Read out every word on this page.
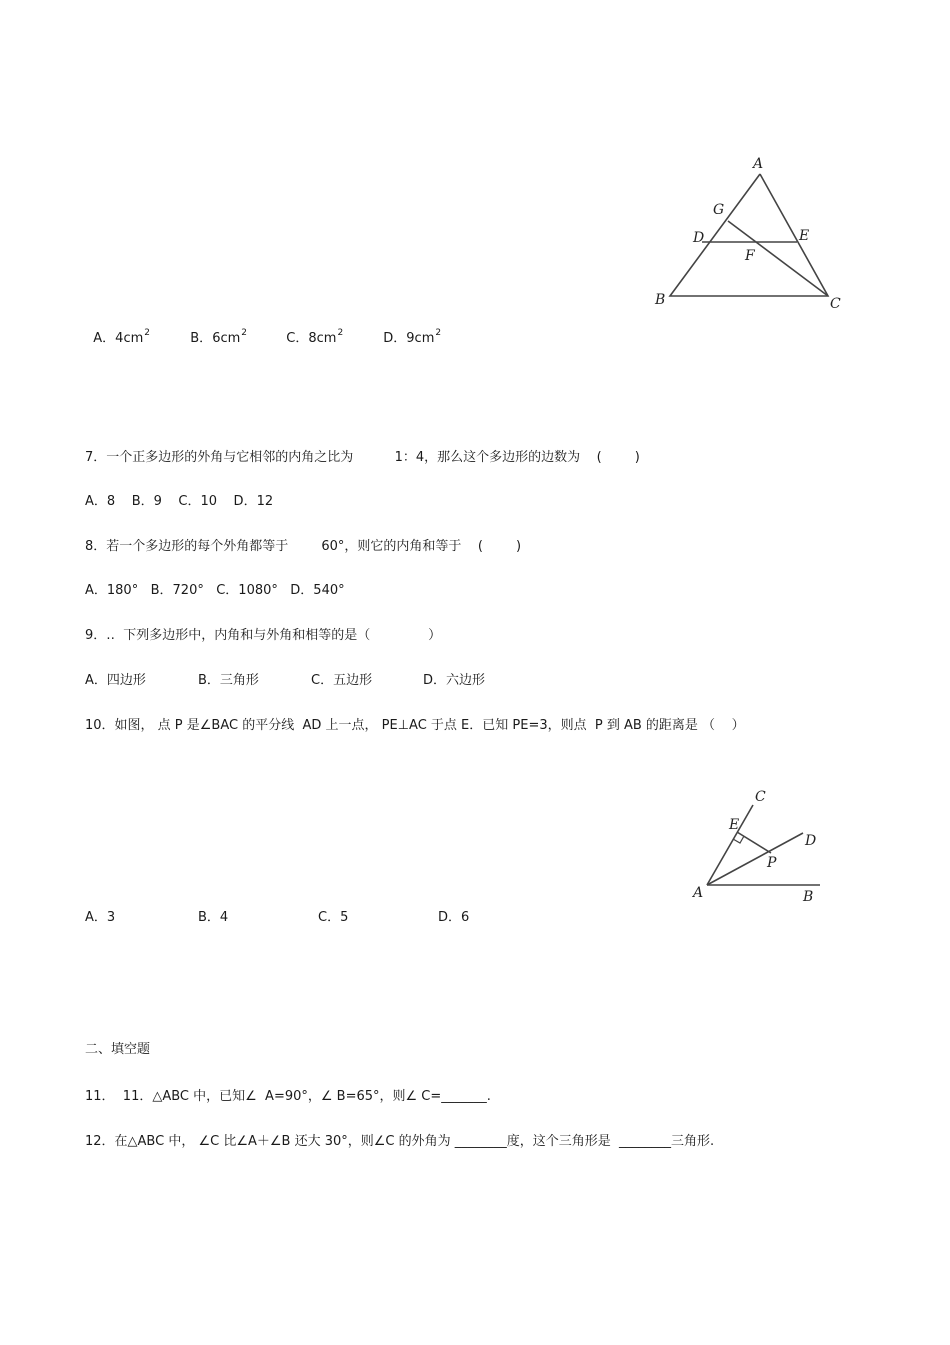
A
G
D	E
F
B	C

A．$4cm^2$	B．$6cm^2$	C．$8cm^2$	D．$9cm^2$

7．一个正多边形的外角与它相邻的内角之比为          1：4，那么这个多边形的边数为    (        )
A．8    B．9    C．10    D．12
8．若一个多边形的每个外角都等于        60°，则它的内角和等于    (        )
A．180°   B．720°   C．1080°   D．540°
9．‥  下列多边形中，内角和与外角和相等的是（              ）
A．四边形	B．三角形	C．五边形	D．六边形
10．如图， 点 P 是∠BAC 的平分线  AD 上一点， PE⊥AC 于点 E．已知 PE=3，则点  P 到 AB 的距离是 （    ）
C
E
D
P
A	B
A．3	B．4	C．5	D．6
二、填空题
11．  11．△ABC 中，已知∠  A=90°，∠ B=65°，则∠ C=_______.
12．在△ABC 中， ∠C 比∠A＋∠B 还大 30°，则∠C 的外角为 ________度，这个三角形是  ________三角形.
